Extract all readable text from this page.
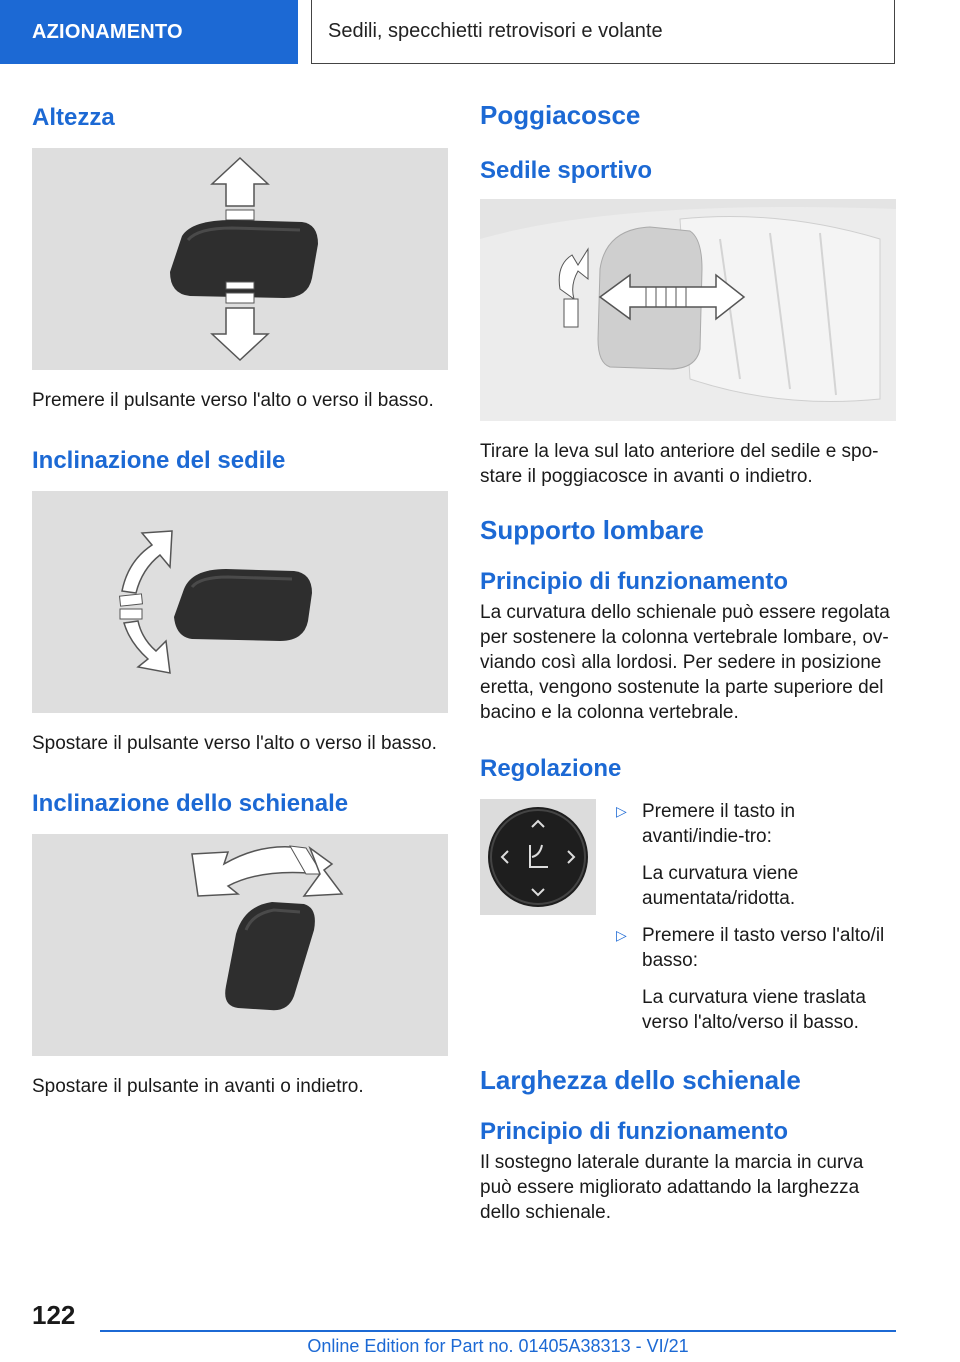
AZIONAMENTO	Sedili, specchietti retrovisori e volante
Altezza

Premere il pulsante verso l'alto o verso il basso.

Inclinazione del sedile

Spostare il pulsante verso l'alto o verso il basso.

Inclinazione dello schienale

Spostare il pulsante in avanti o indietro.

Poggiacosce
Sedile sportivo

Tirare la leva sul lato anteriore del sedile e spo-stare il poggiacosce in avanti o indietro.

Supporto lombare
Principio di funzionamento

La curvatura dello schienale può essere regolata per sostenere la colonna vertebrale lombare, ov-viando così alla lordosi. Per sedere in posizione eretta, vengono sostenute la parte superiore del bacino e la colonna vertebrale.

Regolazione
▷ Premere il tasto in avanti/indie-tro:

La curvatura viene aumentata/ridotta.

▷ Premere il tasto verso l'alto/il basso:

La curvatura viene traslata verso l'alto/verso il basso.

Larghezza dello schienale
Principio di funzionamento

Il sostegno laterale durante la marcia in curva può essere migliorato adattando la larghezza dello schienale.

122
Online Edition for Part no. 01405A38313 - VI/21
